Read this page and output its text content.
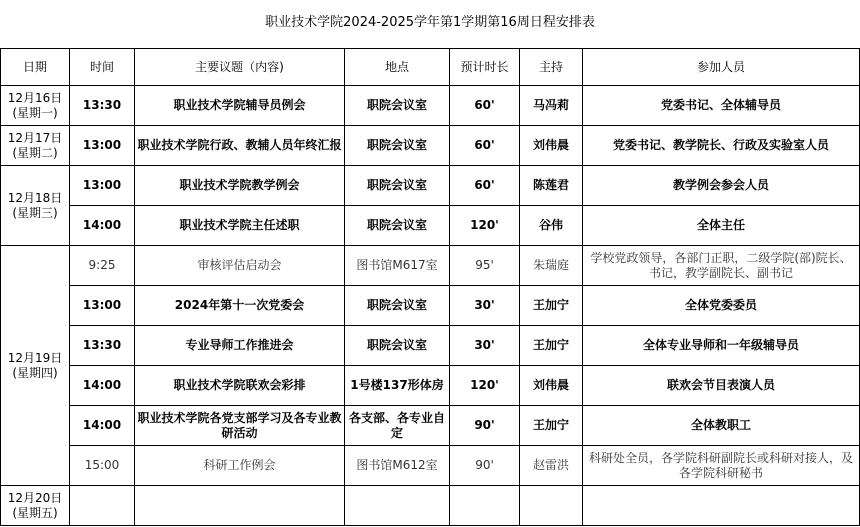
职业技术学院2024-2025学年第1学期第16周日程安排表
日期	时间	主要议题（内容)	地点	预计时长	主持	参加人员
12月16日
(星期一)	13:30	职业技术学院辅导员例会	职院会议室	60'	马冯莉	党委书记、全体辅导员
12月17日
(星期二)	13:00	职业技术学院行政、教辅人员年终汇报	职院会议室	60'	刘伟晨	党委书记、教学院长、行政及实验室人员
12月18日
(星期三)	13:00	职业技术学院教学例会	职院会议室	60'	陈莲君	教学例会参会人员
	14:00	职业技术学院主任述职	职院会议室	120'	谷伟	全体主任
12月19日
(星期四)	9:25	审核评估启动会	图书馆M617室	95'	朱瑞庭	学校党政领导，各部门正职，二级学院(部)院长、书记，教学副院长、副书记
	13:00	2024年第十一次党委会	职院会议室	30'	王加宁	全体党委委员
	13:30	专业导师工作推进会	职院会议室	30'	王加宁	全体专业导师和一年级辅导员
	14:00	职业技术学院联欢会彩排	1号楼137形体房	120'	刘伟晨	联欢会节目表演人员
	14:00	职业技术学院各党支部学习及各专业教研活动	各支部、各专业自定	90'	王加宁	全体教职工
	15:00	科研工作例会	图书馆M612室	90'	赵雷洪	科研处全员，各学院科研副院长或科研对接人，及各学院科研秘书
12月20日
(星期五)						
